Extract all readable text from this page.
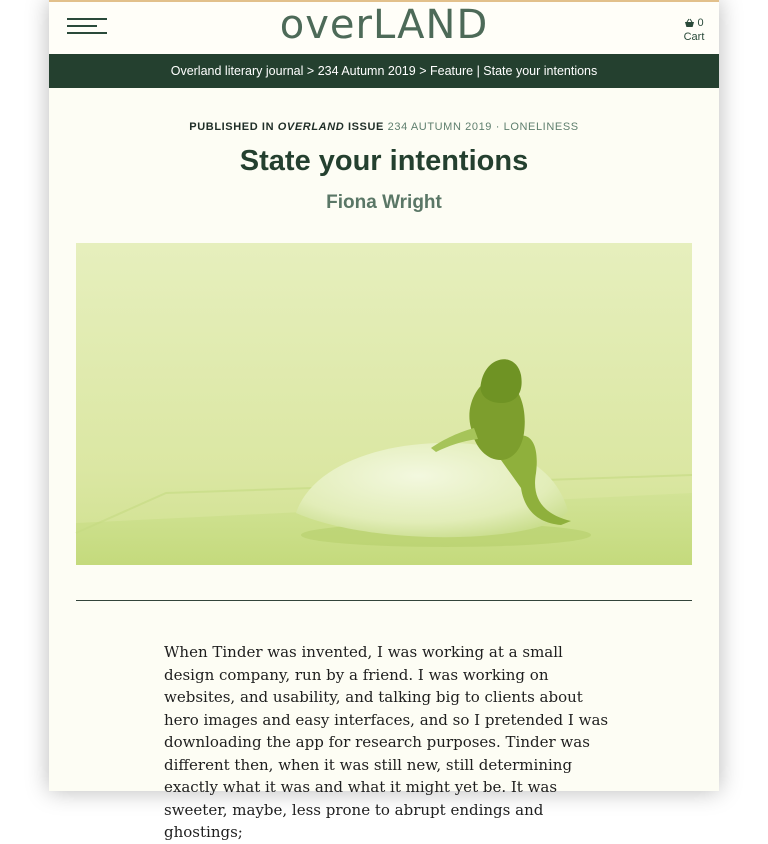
overLAND	0
Cart
Overland literary journal > 234 Autumn 2019 > Feature | State your intentions
PUBLISHED IN OVERLAND ISSUE 234 AUTUMN 2019 · LONELINESS
State your intentions
Fiona Wright

When Tinder was invented, I was working at a small design company, run by a friend. I was working on websites, and usability, and talking big to clients about hero images and easy interfaces, and so I pretended I was downloading the app for research purposes. Tinder was different then, when it was still new, still determining exactly what it was and what it might yet be. It was sweeter, maybe, less prone to abrupt endings and ghostings;
